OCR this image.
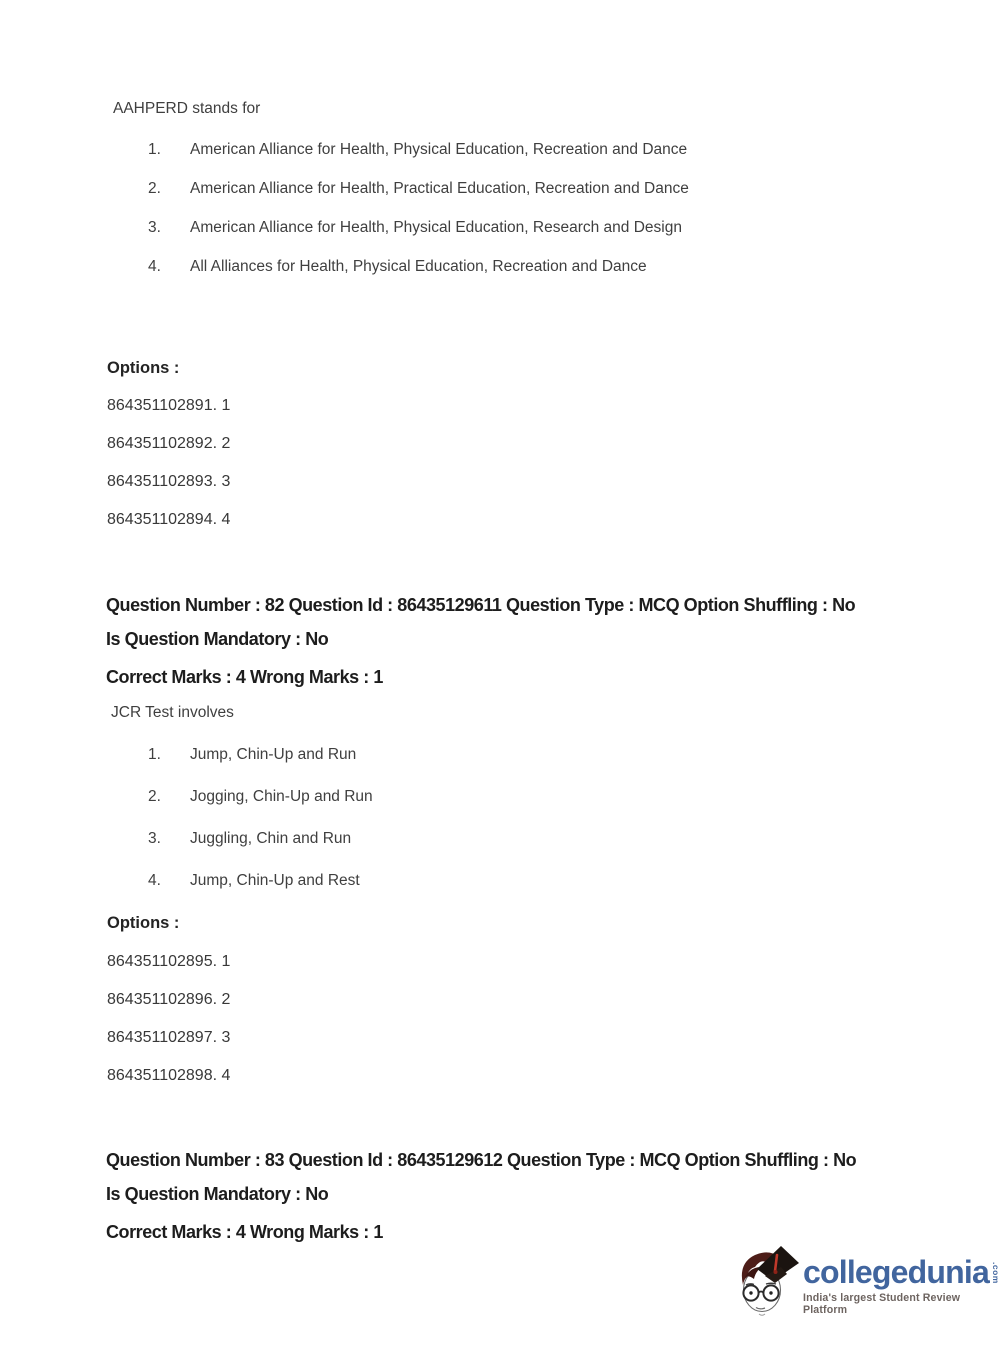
AAHPERD stands for
1.	American Alliance for Health, Physical Education, Recreation and Dance
2.	American Alliance for Health, Practical Education, Recreation and Dance
3.	American Alliance for Health, Physical Education, Research and Design
4.	All Alliances for Health, Physical Education, Recreation and Dance
Options :
864351102891. 1
864351102892. 2
864351102893. 3
864351102894. 4
Question Number : 82 Question Id : 86435129611 Question Type : MCQ Option Shuffling : No
Is Question Mandatory : No
Correct Marks : 4 Wrong Marks : 1
JCR Test involves
1.	Jump, Chin-Up and Run
2.	Jogging, Chin-Up and Run
3.	Juggling, Chin and Run
4.	Jump, Chin-Up and Rest
Options :
864351102895. 1
864351102896. 2
864351102897. 3
864351102898. 4
Question Number : 83 Question Id : 86435129612 Question Type : MCQ Option Shuffling : No
Is Question Mandatory : No
Correct Marks : 4 Wrong Marks : 1
collegedunia .com
India's largest Student Review Platform
